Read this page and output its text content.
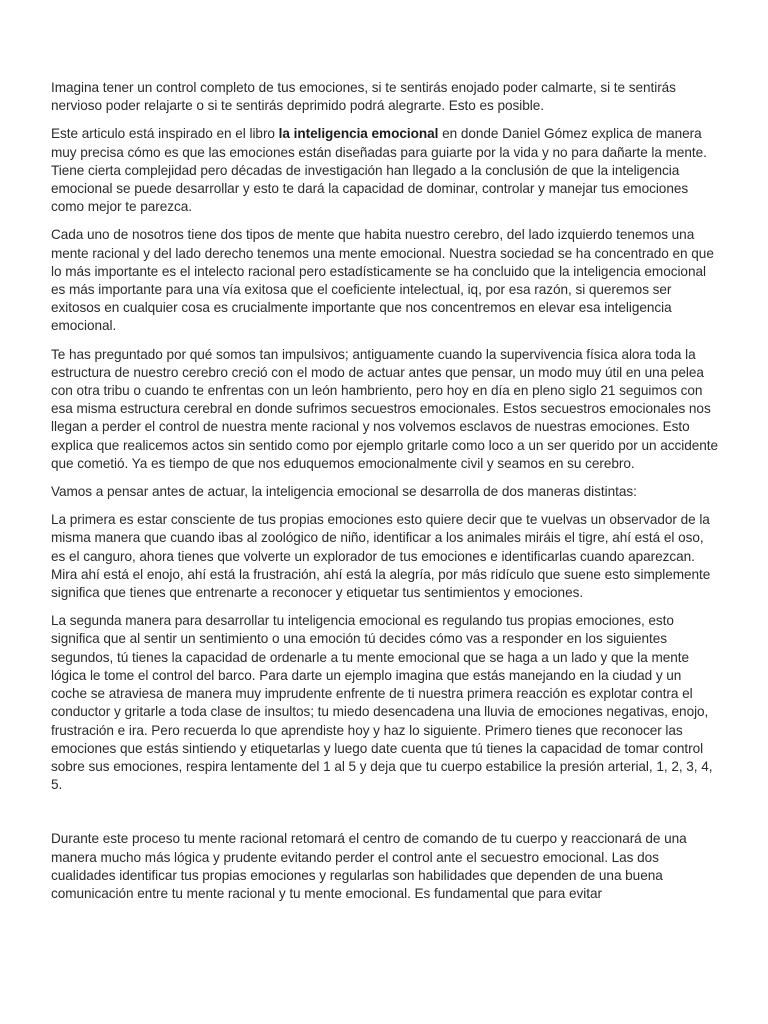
Imagina tener un control completo de tus emociones, si te sentirás enojado poder calmarte, si te sentirás nervioso poder relajarte o si te sentirás deprimido podrá alegrarte. Esto es posible.

Este articulo está inspirado en el libro la inteligencia emocional en donde Daniel Gómez explica de manera muy precisa cómo es que las emociones están diseñadas para guiarte por la vida y no para dañarte la mente. Tiene cierta complejidad pero décadas de investigación han llegado a la conclusión de que la inteligencia emocional se puede desarrollar y esto te dará la capacidad de dominar, controlar y manejar tus emociones como mejor te parezca.

Cada uno de nosotros tiene dos tipos de mente que habita nuestro cerebro, del lado izquierdo tenemos una mente racional y del lado derecho tenemos una mente emocional. Nuestra sociedad se ha concentrado en que lo más importante es el intelecto racional pero estadísticamente se ha concluido que la inteligencia emocional es más importante para una vía exitosa que el coeficiente intelectual, iq, por esa razón, si queremos ser exitosos en cualquier cosa es crucialmente importante que nos concentremos en elevar esa inteligencia emocional.

Te has preguntado por qué somos tan impulsivos; antiguamente cuando la supervivencia física alora toda la estructura de nuestro cerebro creció con el modo de actuar antes que pensar, un modo muy útil en una pelea con otra tribu o cuando te enfrentas con un león hambriento, pero hoy en día en pleno siglo 21 seguimos con esa misma estructura cerebral en donde sufrimos secuestros emocionales. Estos secuestros emocionales nos llegan a perder el control de nuestra mente racional y nos volvemos esclavos de nuestras emociones. Esto explica que realicemos actos sin sentido como por ejemplo gritarle como loco a un ser querido por un accidente que cometió. Ya es tiempo de que nos eduquemos emocionalmente civil y seamos en su cerebro.

Vamos a pensar antes de actuar, la inteligencia emocional se desarrolla de dos maneras distintas:

La primera es estar consciente de tus propias emociones esto quiere decir que te vuelvas un observador de la misma manera que cuando ibas al zoológico de niño, identificar a los animales miráis el tigre, ahí está el oso, es el canguro, ahora tienes que volverte un explorador de tus emociones e identificarlas cuando aparezcan. Mira ahí está el enojo, ahí está la frustración, ahí está la alegría, por más ridículo que suene esto simplemente significa que tienes que entrenarte a reconocer y etiquetar tus sentimientos y emociones.

La segunda manera para desarrollar tu inteligencia emocional es regulando tus propias emociones, esto significa que al sentir un sentimiento o una emoción tú decides cómo vas a responder en los siguientes segundos, tú tienes la capacidad de ordenarle a tu mente emocional que se haga a un lado y que la mente lógica le tome el control del barco. Para darte un ejemplo imagina que estás manejando en la ciudad y un coche se atraviesa de manera muy imprudente enfrente de ti nuestra primera reacción es explotar contra el conductor y gritarle a toda clase de insultos; tu miedo desencadena una lluvia de emociones negativas, enojo, frustración e ira. Pero recuerda lo que aprendiste hoy y haz lo siguiente. Primero tienes que reconocer las emociones que estás sintiendo y etiquetarlas y luego date cuenta que tú tienes la capacidad de tomar control sobre sus emociones, respira lentamente del 1 al 5 y deja que tu cuerpo estabilice la presión arterial, 1, 2, 3, 4, 5.

Durante este proceso tu mente racional retomará el centro de comando de tu cuerpo y reaccionará de una manera mucho más lógica y prudente evitando perder el control ante el secuestro emocional. Las dos cualidades identificar tus propias emociones y regularlas son habilidades que dependen de una buena comunicación entre tu mente racional y tu mente emocional. Es fundamental que para evitar
